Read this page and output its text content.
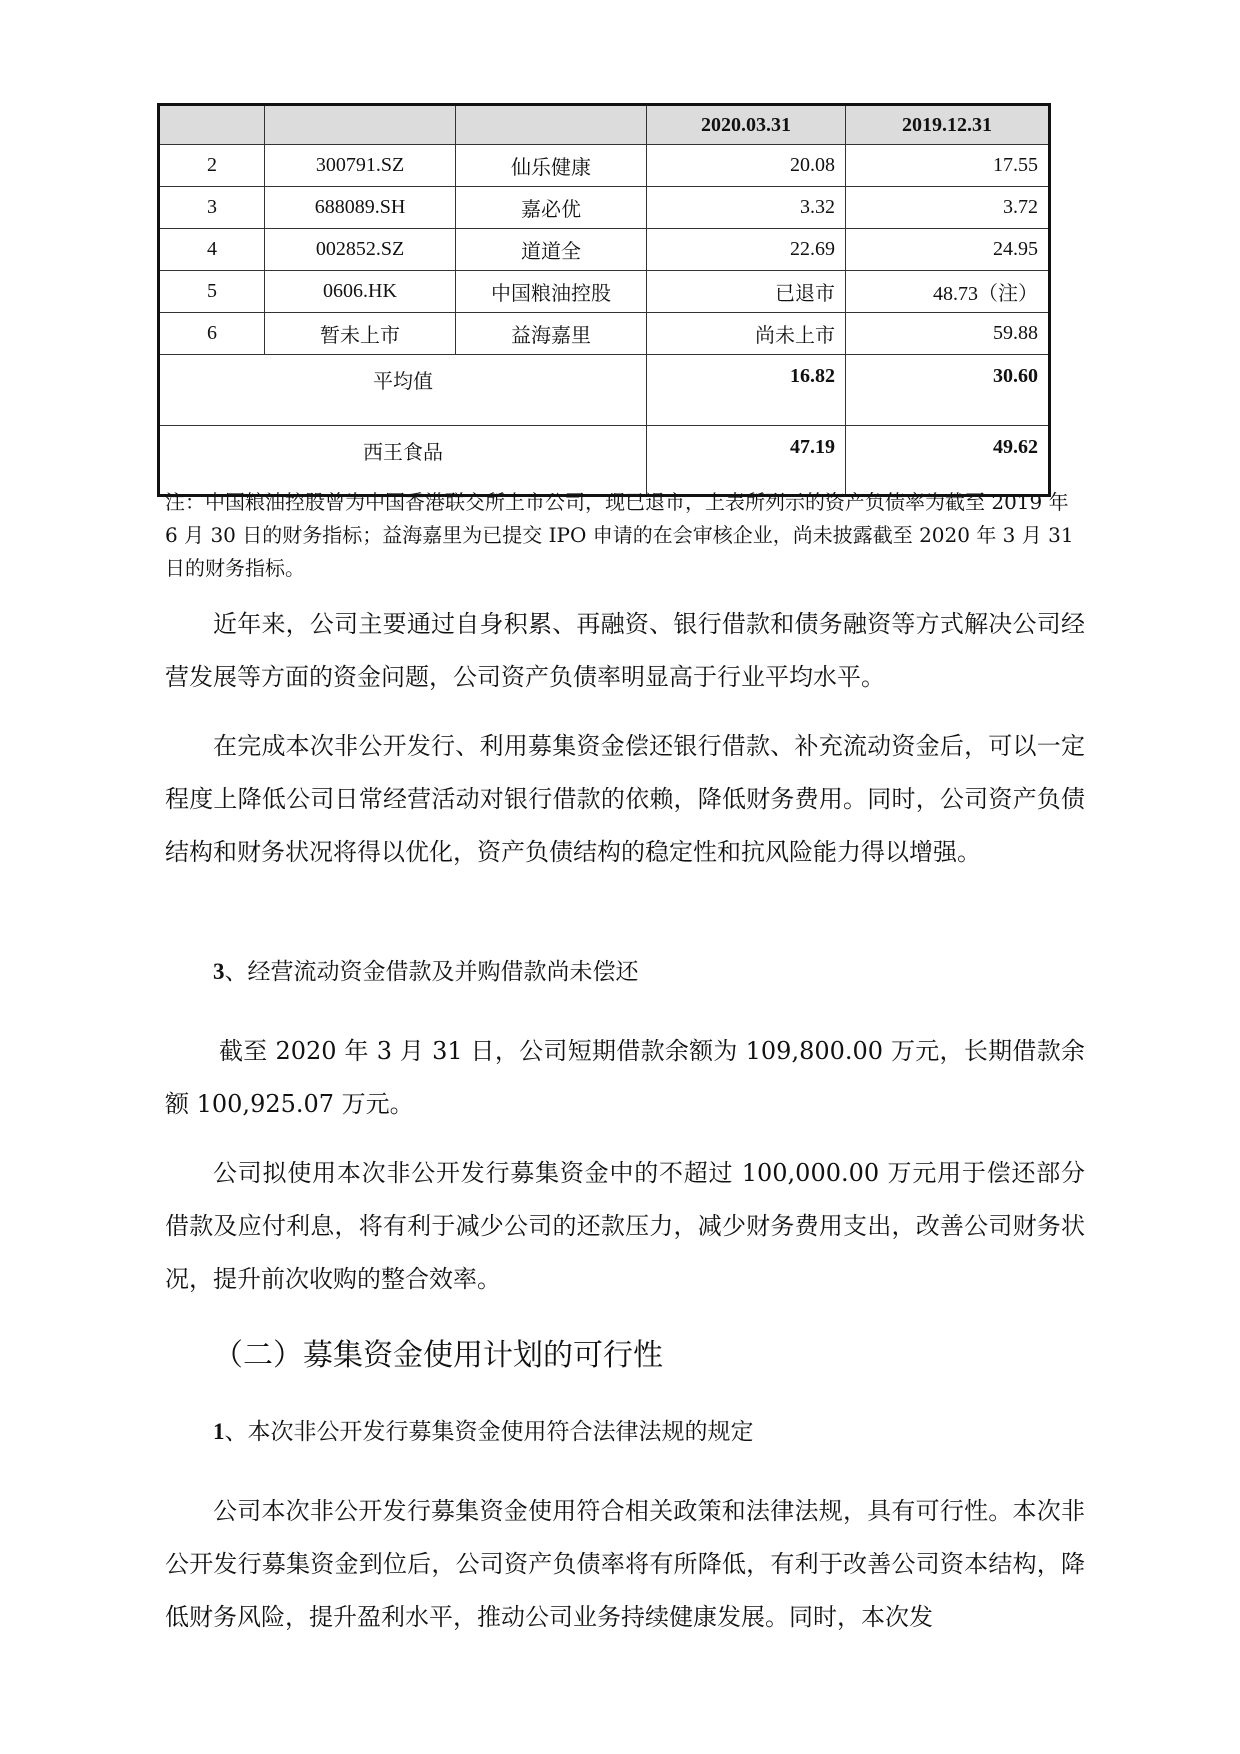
			2020.03.31	2019.12.31
2	300791.SZ	仙乐健康	20.08	17.55
3	688089.SH	嘉必优	3.32	3.72
4	002852.SZ	道道全	22.69	24.95
5	0606.HK	中国粮油控股	已退市	48.73（注）
6	暂未上市	益海嘉里	尚未上市	59.88
平均值			16.82	30.60
西王食品			47.19	49.62

注：中国粮油控股曾为中国香港联交所上市公司，现已退市，上表所列示的资产负债率为截至 2019 年 6 月 30 日的财务指标；益海嘉里为已提交 IPO 申请的在会审核企业，尚未披露截至 2020 年 3 月 31 日的财务指标。

近年来，公司主要通过自身积累、再融资、银行借款和债务融资等方式解决公司经营发展等方面的资金问题，公司资产负债率明显高于行业平均水平。

在完成本次非公开发行、利用募集资金偿还银行借款、补充流动资金后，可以一定程度上降低公司日常经营活动对银行借款的依赖，降低财务费用。同时，公司资产负债结构和财务状况将得以优化，资产负债结构的稳定性和抗风险能力得以增强。

3、经营流动资金借款及并购借款尚未偿还

截至 2020 年 3 月 31 日，公司短期借款余额为 109,800.00 万元，长期借款余额 100,925.07 万元。

公司拟使用本次非公开发行募集资金中的不超过 100,000.00 万元用于偿还部分借款及应付利息，将有利于减少公司的还款压力，减少财务费用支出，改善公司财务状况，提升前次收购的整合效率。

（二）募集资金使用计划的可行性

1、本次非公开发行募集资金使用符合法律法规的规定

公司本次非公开发行募集资金使用符合相关政策和法律法规，具有可行性。本次非公开发行募集资金到位后，公司资产负债率将有所降低，有利于改善公司资本结构，降低财务风险，提升盈利水平，推动公司业务持续健康发展。同时，本次发
